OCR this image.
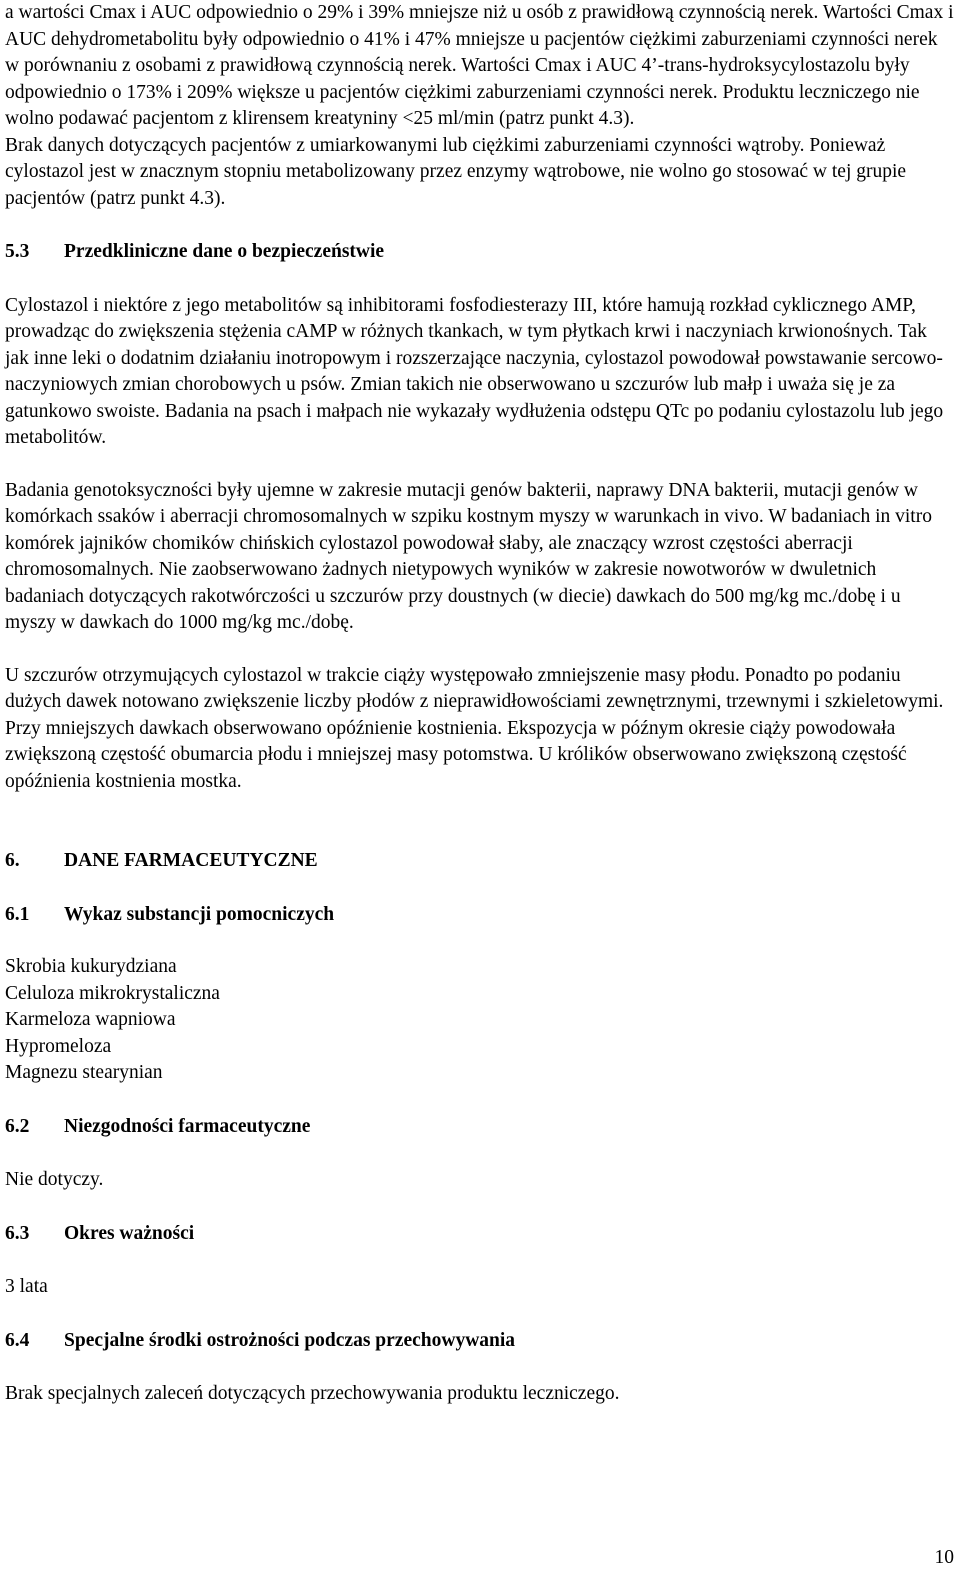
a wartości Cmax i AUC odpowiednio o 29% i 39% mniejsze niż u osób z prawidłową czynnością nerek. Wartości Cmax i AUC dehydrometabolitu były odpowiednio o 41% i 47% mniejsze u pacjentów ciężkimi zaburzeniami czynności nerek w porównaniu z osobami z prawidłową czynnością nerek. Wartości Cmax i AUC 4’-trans-hydroksycylostazolu były odpowiednio o 173% i 209% większe u pacjentów ciężkimi zaburzeniami czynności nerek. Produktu leczniczego nie wolno podawać pacjentom z klirensem kreatyniny <25 ml/min (patrz punkt 4.3).

Brak danych dotyczących pacjentów z umiarkowanymi lub ciężkimi zaburzeniami czynności wątroby. Ponieważ cylostazol jest w znacznym stopniu metabolizowany przez enzymy wątrobowe, nie wolno go stosować w tej grupie pacjentów (patrz punkt 4.3).

5.3	Przedkliniczne dane o bezpieczeństwie

Cylostazol i niektóre z jego metabolitów są inhibitorami fosfodiesterazy III, które hamują rozkład cyklicznego AMP, prowadząc do zwiększenia stężenia cAMP w różnych tkankach, w tym płytkach krwi i naczyniach krwionośnych. Tak jak inne leki o dodatnim działaniu inotropowym i rozszerzające naczynia, cylostazol powodował powstawanie sercowo-naczyniowych zmian chorobowych u psów. Zmian takich nie obserwowano u szczurów lub małp i uważa się je za gatunkowo swoiste. Badania na psach i małpach nie wykazały wydłużenia odstępu QTc po podaniu cylostazolu lub jego metabolitów.

Badania genotoksyczności były ujemne w zakresie mutacji genów bakterii, naprawy DNA bakterii, mutacji genów w komórkach ssaków i aberracji chromosomalnych w szpiku kostnym myszy w warunkach in vivo. W badaniach in vitro komórek jajników chomików chińskich cylostazol powodował słaby, ale znaczący wzrost częstości aberracji chromosomalnych. Nie zaobserwowano żadnych nietypowych wyników w zakresie nowotworów w dwuletnich badaniach dotyczących rakotwórczości u szczurów przy doustnych (w diecie) dawkach do 500 mg/kg mc./dobę i u myszy w dawkach do 1000 mg/kg mc./dobę.

U szczurów otrzymujących cylostazol w trakcie ciąży występowało zmniejszenie masy płodu. Ponadto po podaniu dużych dawek notowano zwiększenie liczby płodów z nieprawidłowościami zewnętrznymi, trzewnymi i szkieletowymi. Przy mniejszych dawkach obserwowano opóźnienie kostnienia. Ekspozycja w późnym okresie ciąży powodowała zwiększoną częstość obumarcia płodu i mniejszej masy potomstwa. U królików obserwowano zwiększoną częstość opóźnienia kostnienia mostka.

6.	DANE FARMACEUTYCZNE
6.1	Wykaz substancji pomocniczych
Skrobia kukurydziana
Celuloza mikrokrystaliczna
Karmeloza wapniowa
Hypromeloza
Magnezu stearynian
6.2	Niezgodności farmaceutyczne

Nie dotyczy.

6.3	Okres ważności

3 lata

6.4	Specjalne środki ostrożności podczas przechowywania

Brak specjalnych zaleceń dotyczących przechowywania produktu leczniczego.

10
